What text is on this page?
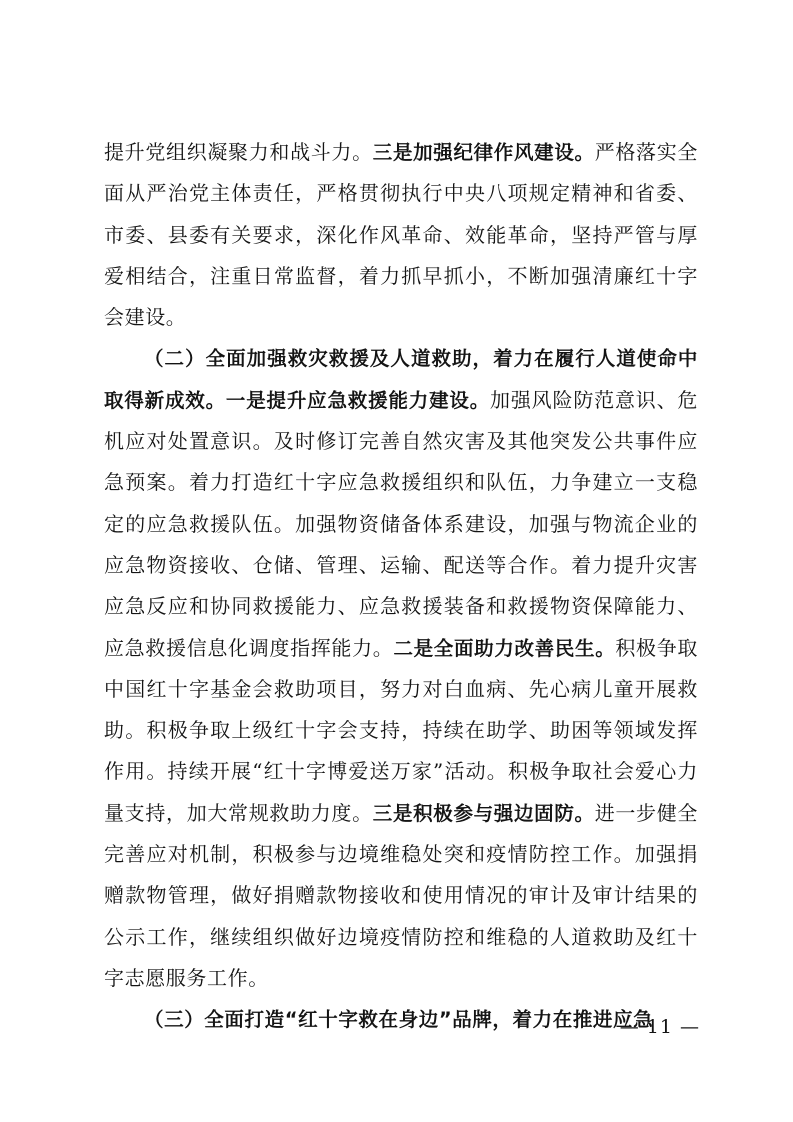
提升党组织凝聚力和战斗力。三是加强纪律作风建设。严格落实全面从严治党主体责任，严格贯彻执行中央八项规定精神和省委、市委、县委有关要求，深化作风革命、效能革命，坚持严管与厚爱相结合，注重日常监督，着力抓早抓小，不断加强清廉红十字会建设。

（二）全面加强救灾救援及人道救助，着力在履行人道使命中取得新成效。一是提升应急救援能力建设。加强风险防范意识、危机应对处置意识。及时修订完善自然灾害及其他突发公共事件应急预案。着力打造红十字应急救援组织和队伍，力争建立一支稳定的应急救援队伍。加强物资储备体系建设，加强与物流企业的应急物资接收、仓储、管理、运输、配送等合作。着力提升灾害应急反应和协同救援能力、应急救援装备和救援物资保障能力、应急救援信息化调度指挥能力。二是全面助力改善民生。积极争取中国红十字基金会救助项目，努力对白血病、先心病儿童开展救助。积极争取上级红十字会支持，持续在助学、助困等领域发挥作用。持续开展“红十字博爱送万家”活动。积极争取社会爱心力量支持，加大常规救助力度。三是积极参与强边固防。进一步健全完善应对机制，积极参与边境维稳处突和疫情防控工作。加强捐赠款物管理，做好捐赠款物接收和使用情况的审计及审计结果的公示工作，继续组织做好边境疫情防控和维稳的人道救助及红十字志愿服务工作。

（三）全面打造“红十字救在身边”品牌，着力在推进应急

— 11 —
